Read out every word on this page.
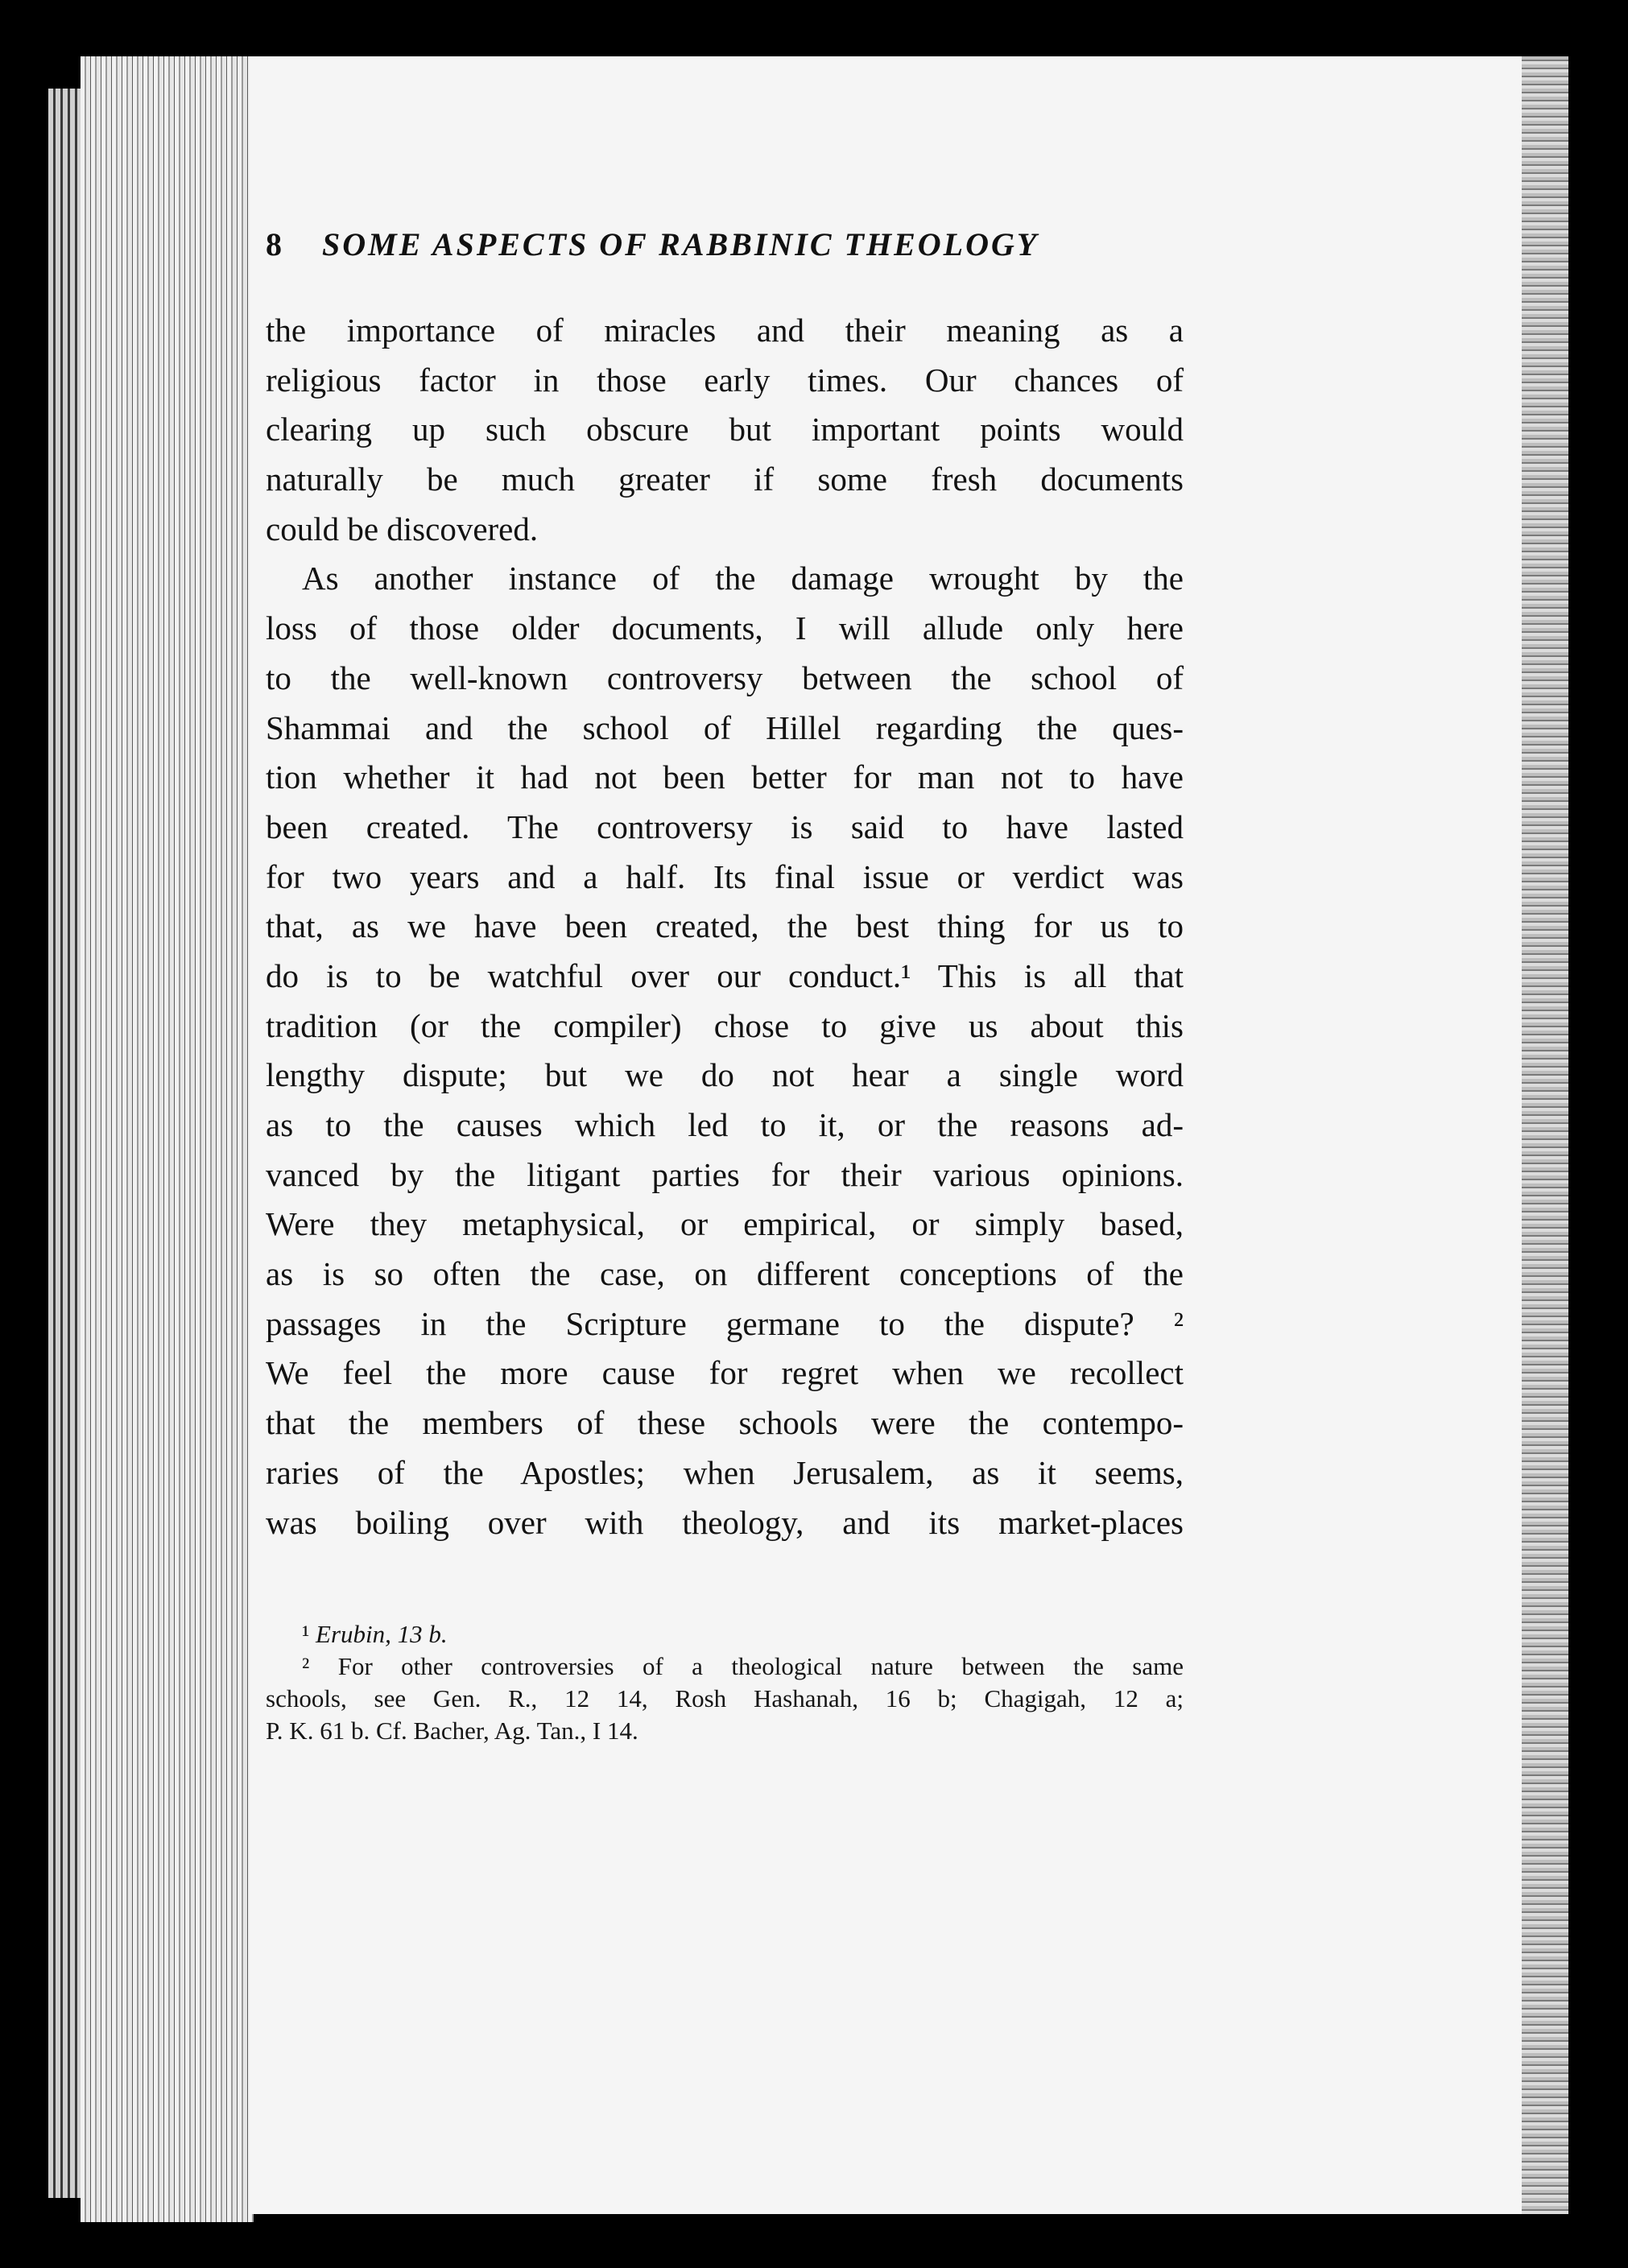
8 SOME ASPECTS OF RABBINIC THEOLOGY
the importance of miracles and their meaning as a
religious factor in those early times. Our chances of
clearing up such obscure but important points would
naturally be much greater if some fresh documents
could be discovered.
As another instance of the damage wrought by the
loss of those older documents, I will allude only here
to the well-known controversy between the school of
Shammai and the school of Hillel regarding the ques-
tion whether it had not been better for man not to have
been created. The controversy is said to have lasted
for two years and a half. Its final issue or verdict was
that, as we have been created, the best thing for us to
do is to be watchful over our conduct.¹ This is all that
tradition (or the compiler) chose to give us about this
lengthy dispute; but we do not hear a single word
as to the causes which led to it, or the reasons ad-
vanced by the litigant parties for their various opinions.
Were they metaphysical, or empirical, or simply based,
as is so often the case, on different conceptions of the
passages in the Scripture germane to the dispute? ²
We feel the more cause for regret when we recollect
that the members of these schools were the contempo-
raries of the Apostles; when Jerusalem, as it seems,
was boiling over with theology, and its market-places
¹ Erubin, 13 b.
² For other controversies of a theological nature between the same
schools, see Gen. R., 12 14, Rosh Hashanah, 16 b; Chagigah, 12 a;
P. K. 61 b. Cf. Bacher, Ag. Tan., I 14.
